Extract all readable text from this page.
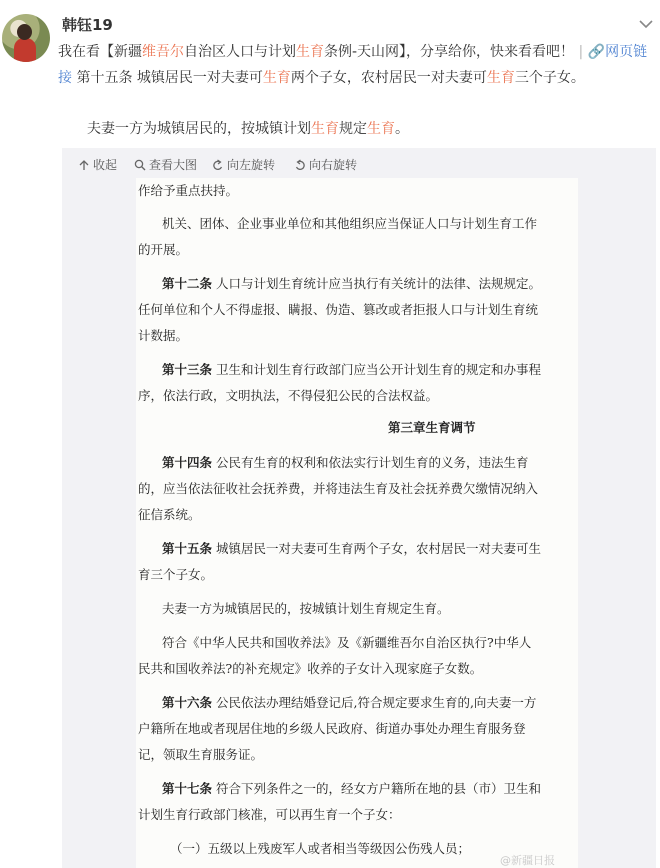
韩钰19
我在看【新疆维吾尔自治区人口与计划生育条例-天山网】，分享给你，快来看看吧！ | 🔗网页链
接 第十五条 城镇居民一对夫妻可生育两个子女，农村居民一对夫妻可生育三个子女。
夫妻一方为城镇居民的，按城镇计划生育规定生育。
收起	查看大图 向左旋转	向右旋转
作给予重点扶持。
机关、团体、企业事业单位和其他组织应当保证人口与计划生育工作
的开展。
第十二条 人口与计划生育统计应当执行有关统计的法律、法规规定。
任何单位和个人不得虚报、瞒报、伪造、篡改或者拒报人口与计划生育统
计数据。
第十三条 卫生和计划生育行政部门应当公开计划生育的规定和办事程
序，依法行政，文明执法，不得侵犯公民的合法权益。
第三章生育调节
第十四条 公民有生育的权利和依法实行计划生育的义务，违法生育
的，应当依法征收社会抚养费，并将违法生育及社会抚养费欠缴情况纳入
征信系统。
第十五条 城镇居民一对夫妻可生育两个子女，农村居民一对夫妻可生
育三个子女。
夫妻一方为城镇居民的，按城镇计划生育规定生育。
符合《中华人民共和国收养法》及《新疆维吾尔自治区执行?中华人
民共和国收养法?的补充规定》收养的子女计入现家庭子女数。
第十六条 公民依法办理结婚登记后,符合规定要求生育的,向夫妻一方
户籍所在地或者现居住地的乡级人民政府、街道办事处办理生育服务登
记，领取生育服务证。
第十七条 符合下列条件之一的，经女方户籍所在地的县（市）卫生和
计划生育行政部门核准，可以再生育一个子女：
（一）五级以上残废军人或者相当等级因公伤残人员；
@新疆日报
